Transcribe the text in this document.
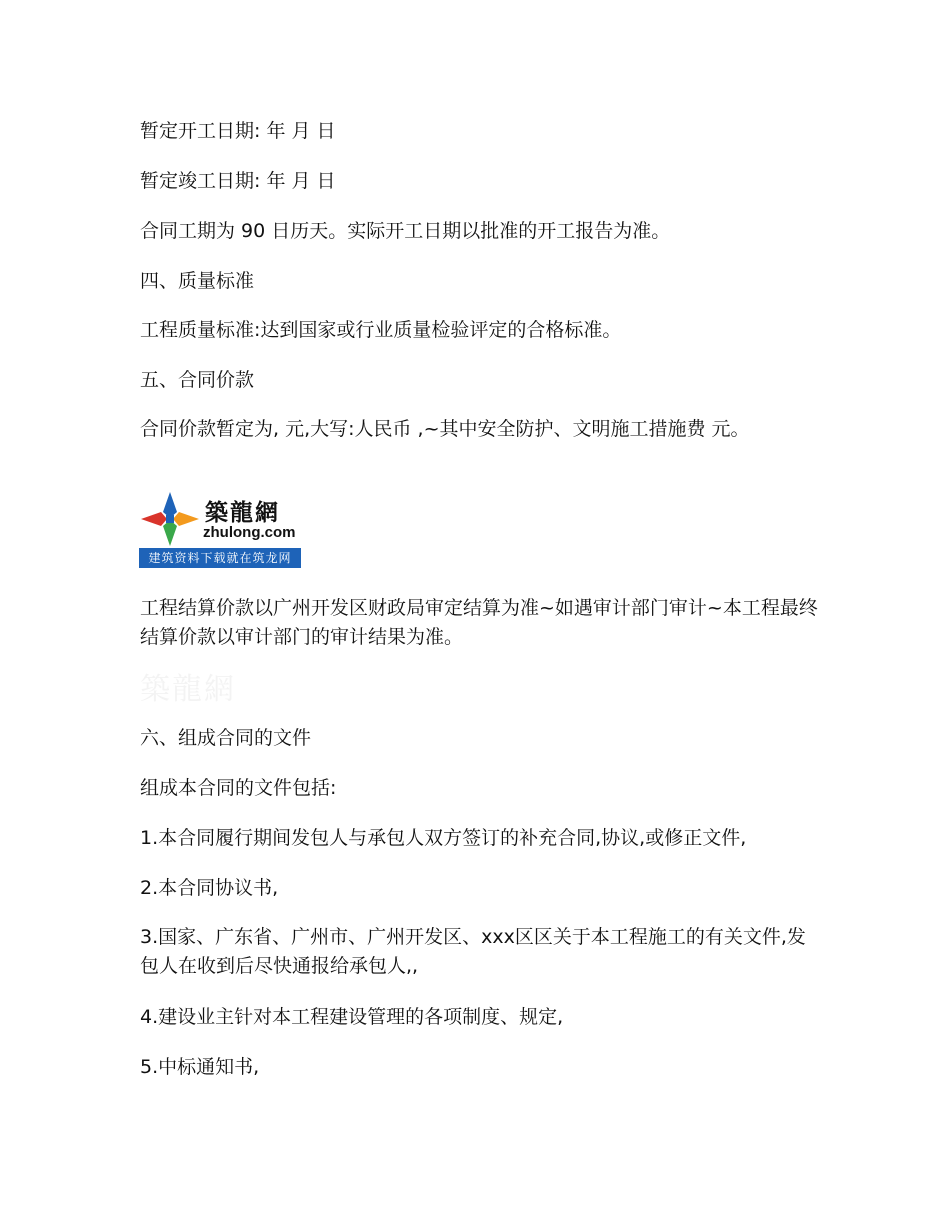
暂定开工日期: 年 月 日
暂定竣工日期: 年 月 日
合同工期为 90 日历天。实际开工日期以批准的开工报告为准。
四、质量标准
工程质量标准:达到国家或行业质量检验评定的合格标准。
五、合同价款
合同价款暂定为, 元,大写:人民币 ,~其中安全防护、文明施工措施费 元。
築龍網
zhulong.com
建筑资料下载就在筑龙网
工程结算价款以广州开发区财政局审定结算为准~如遇审计部门审计~本工程最终结算价款以审计部门的审计结果为准。
築龍網
六、组成合同的文件
组成本合同的文件包括:
1.本合同履行期间发包人与承包人双方签订的补充合同,协议,或修正文件,
2.本合同协议书,
3.国家、广东省、广州市、广州开发区、xxx区区关于本工程施工的有关文件,发包人在收到后尽快通报给承包人,,
4.建设业主针对本工程建设管理的各项制度、规定,
5.中标通知书,
